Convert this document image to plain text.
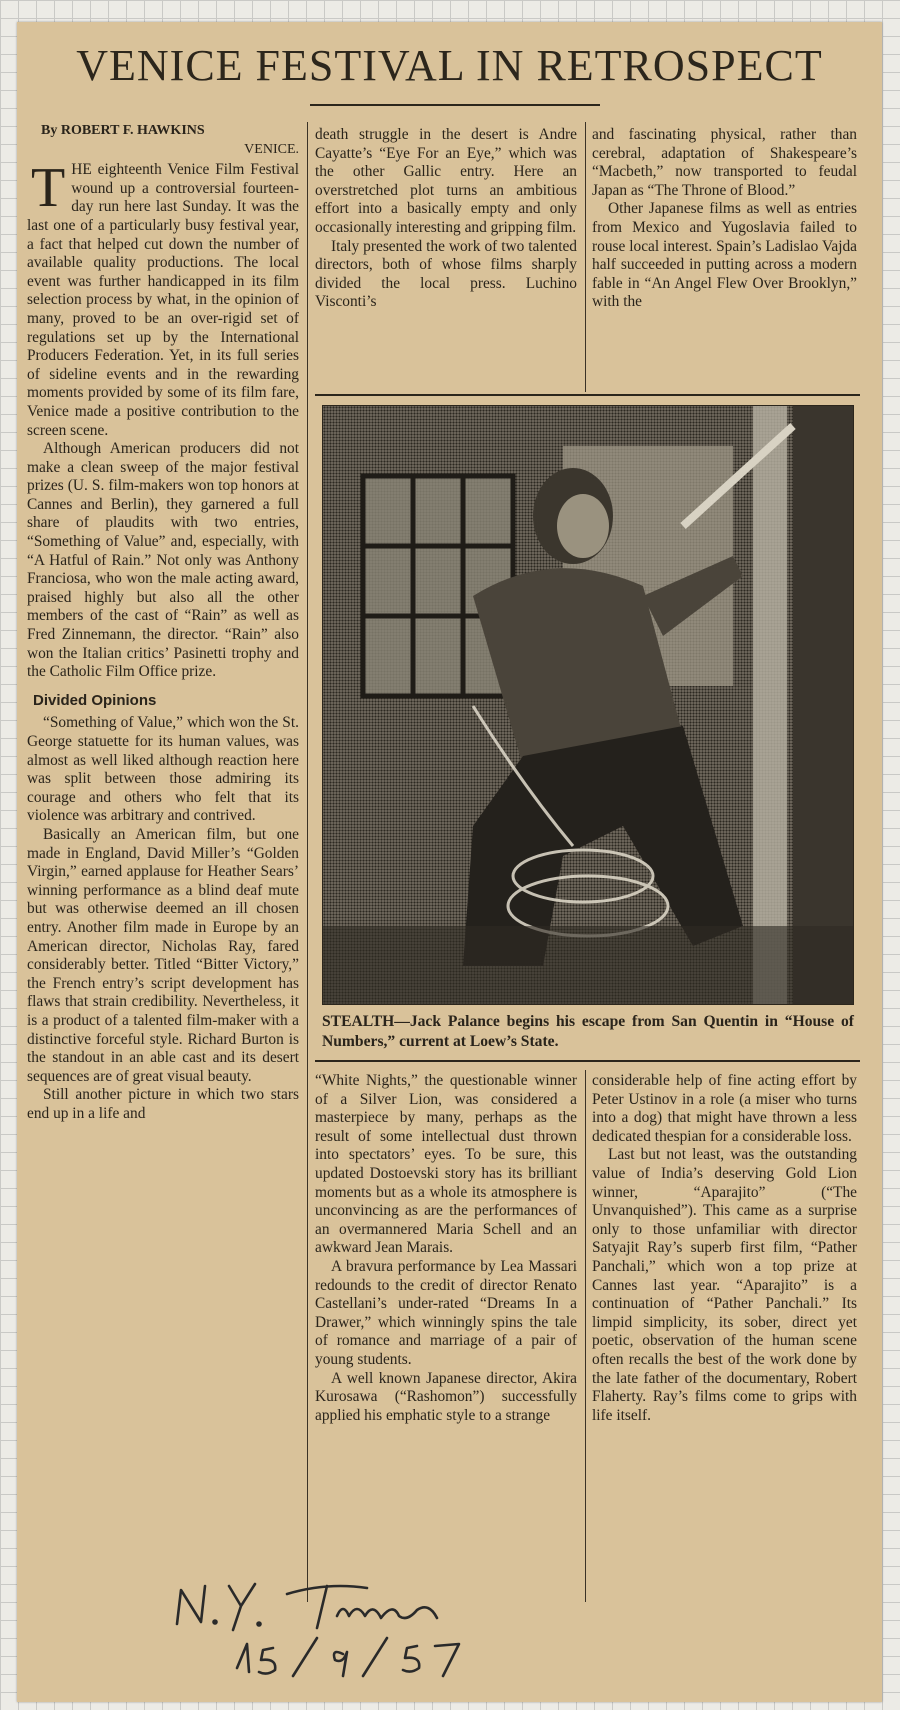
VENICE FESTIVAL IN RETROSPECT

By ROBERT F. HAWKINS

VENICE.

THE eighteenth Venice Film Festival wound up a controversial fourteen-day run here last Sunday. It was the last one of a particularly busy festival year, a fact that helped cut down the number of available quality productions. The local event was further handicapped in its film selection process by what, in the opinion of many, proved to be an over-rigid set of regulations set up by the International Producers Federation. Yet, in its full series of sideline events and in the rewarding moments provided by some of its film fare, Venice made a positive contribution to the screen scene.

Although American producers did not make a clean sweep of the major festival prizes (U. S. film-makers won top honors at Cannes and Berlin), they garnered a full share of plaudits with two entries, “Something of Value” and, especially, with “A Hatful of Rain.” Not only was Anthony Franciosa, who won the male acting award, praised highly but also all the other members of the cast of “Rain” as well as Fred Zinnemann, the director. “Rain” also won the Italian critics’ Pasinetti trophy and the Catholic Film Office prize.

Divided Opinions

“Something of Value,” which won the St. George statuette for its human values, was almost as well liked although reaction here was split between those admiring its courage and others who felt that its violence was arbitrary and contrived.

Basically an American film, but one made in England, David Miller’s “Golden Virgin,” earned applause for Heather Sears’ winning performance as a blind deaf mute but was otherwise deemed an ill chosen entry. Another film made in Europe by an American director, Nicholas Ray, fared considerably better. Titled “Bitter Victory,” the French entry’s script development has flaws that strain credibility. Nevertheless, it is a product of a talented film-maker with a distinctive forceful style. Richard Burton is the standout in an able cast and its desert sequences are of great visual beauty.

Still another picture in which two stars end up in a life and

death struggle in the desert is Andre Cayatte’s “Eye For an Eye,” which was the other Gallic entry. Here an overstretched plot turns an ambitious effort into a basically empty and only occasionally interesting and gripping film.

Italy presented the work of two talented directors, both of whose films sharply divided the local press. Luchino Visconti’s

and fascinating physical, rather than cerebral, adaptation of Shakespeare’s “Macbeth,” now transported to feudal Japan as “The Throne of Blood.”

Other Japanese films as well as entries from Mexico and Yugoslavia failed to rouse local interest. Spain’s Ladislao Vajda half succeeded in putting across a modern fable in “An Angel Flew Over Brooklyn,” with the

STEALTH—Jack Palance begins his escape from San Quentin in “House of Numbers,” current at Loew’s State.

“White Nights,” the questionable winner of a Silver Lion, was considered a masterpiece by many, perhaps as the result of some intellectual dust thrown into spectators’ eyes. To be sure, this updated Dostoevski story has its brilliant moments but as a whole its atmosphere is unconvincing as are the performances of an overmannered Maria Schell and an awkward Jean Marais.

A bravura performance by Lea Massari redounds to the credit of director Renato Castellani’s under-rated “Dreams In a Drawer,” which winningly spins the tale of romance and marriage of a pair of young students.

A well known Japanese director, Akira Kurosawa (“Rashomon”) successfully applied his emphatic style to a strange

considerable help of fine acting effort by Peter Ustinov in a role (a miser who turns into a dog) that might have thrown a less dedicated thespian for a considerable loss.

Last but not least, was the outstanding value of India’s deserving Gold Lion winner, “Aparajito” (“The Unvanquished”). This came as a surprise only to those unfamiliar with director Satyajit Ray’s superb first film, “Pather Panchali,” which won a top prize at Cannes last year. “Aparajito” is a continuation of “Pather Panchali.” Its limpid simplicity, its sober, direct yet poetic, observation of the human scene often recalls the best of the work done by the late father of the documentary, Robert Flaherty. Ray’s films come to grips with life itself.
